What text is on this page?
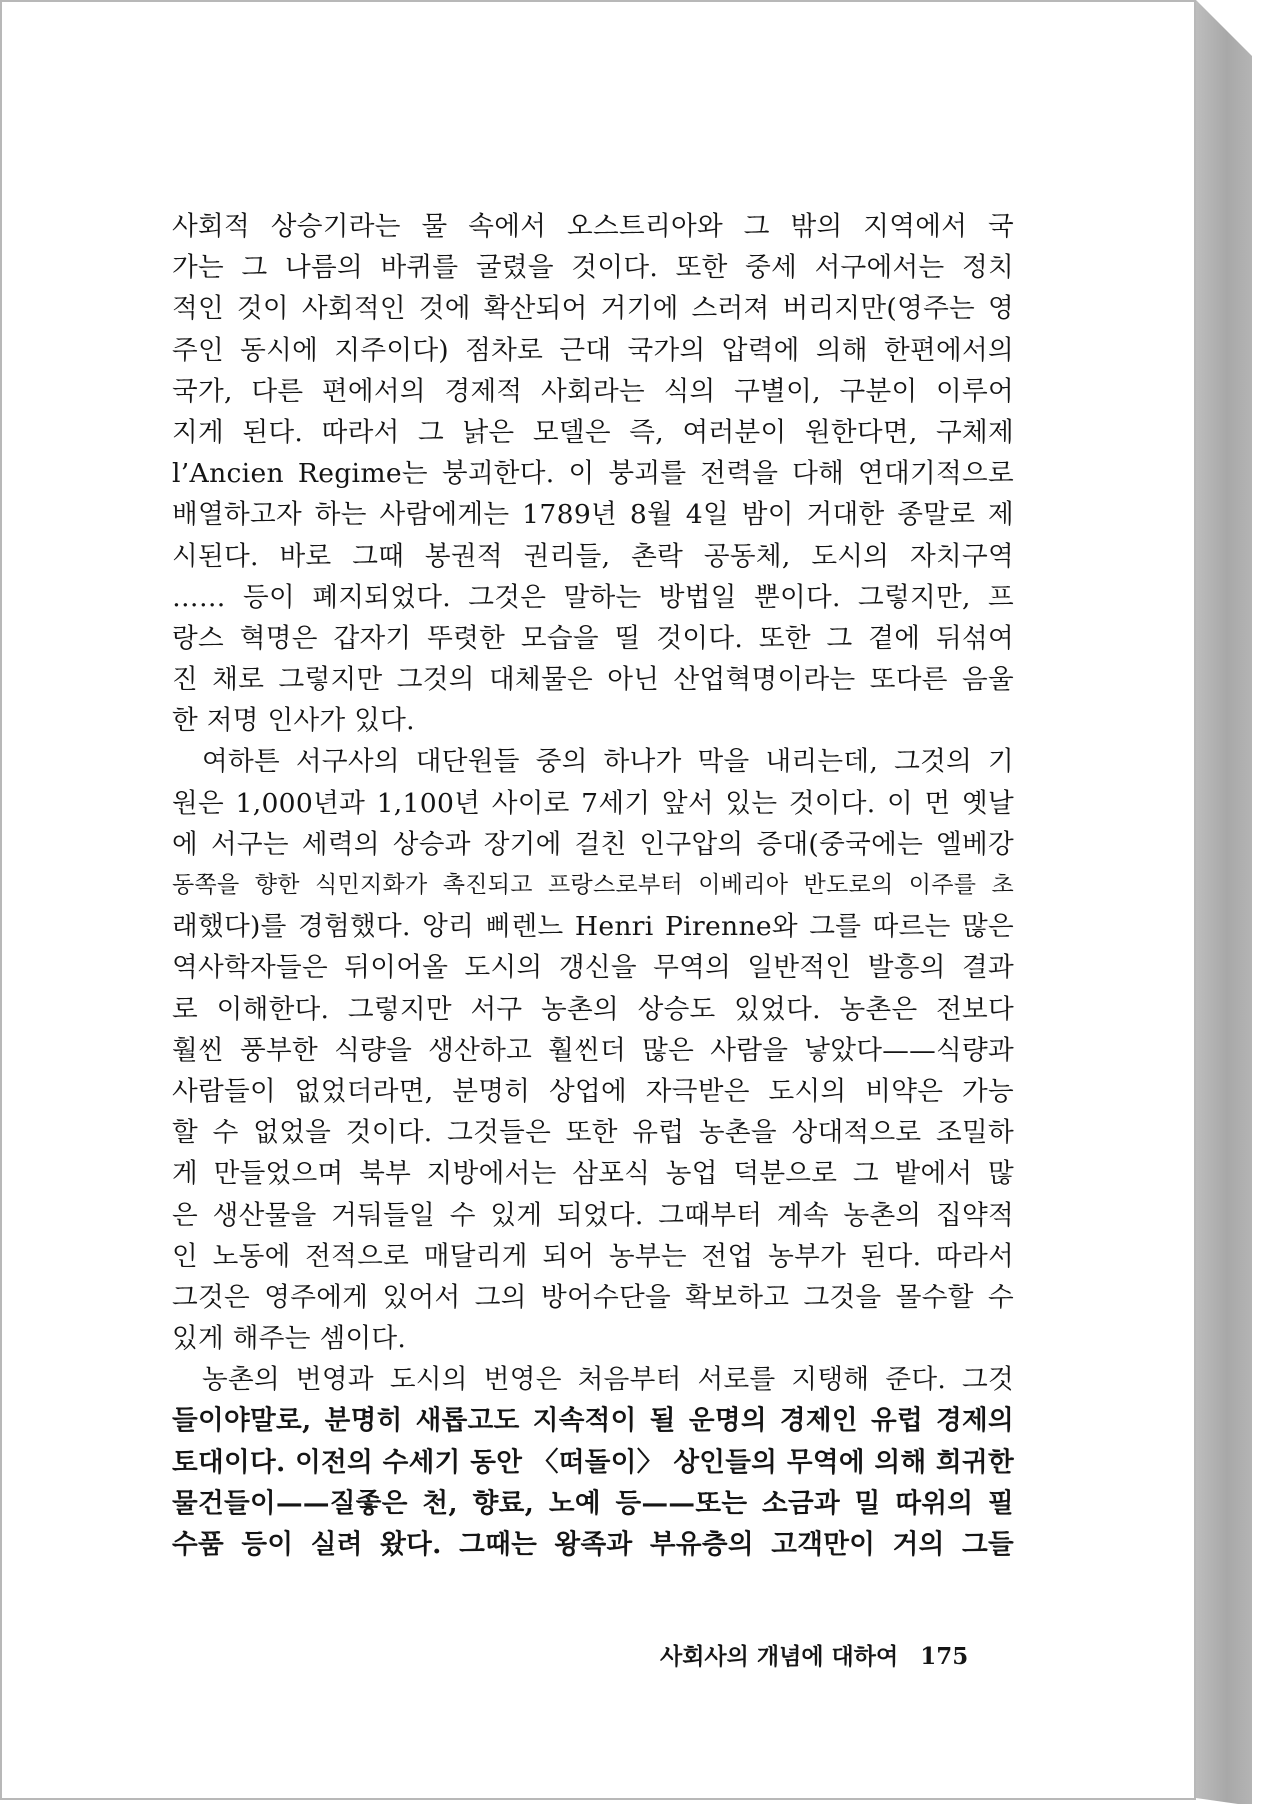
사회적 상승기라는 물 속에서 오스트리아와 그 밖의 지역에서 국
가는 그 나름의 바퀴를 굴렸을 것이다. 또한 중세 서구에서는 정치
적인 것이 사회적인 것에 확산되어 거기에 스러져 버리지만(영주는 영
주인 동시에 지주이다) 점차로 근대 국가의 압력에 의해 한편에서의
국가, 다른 편에서의 경제적 사회라는 식의 구별이, 구분이 이루어
지게 된다. 따라서 그 낡은 모델은 즉, 여러분이 원한다면, 구체제
l’Ancien Regime는 붕괴한다. 이 붕괴를 전력을 다해 연대기적으로
배열하고자 하는 사람에게는 1789년 8월 4일 밤이 거대한 종말로 제
시된다. 바로 그때 봉권적 권리들, 촌락 공동체, 도시의 자치구역
…… 등이 폐지되었다. 그것은 말하는 방법일 뿐이다. 그렇지만, 프
랑스 혁명은 갑자기 뚜렷한 모습을 띨 것이다. 또한 그 곁에 뒤섞여
진 채로 그렇지만 그것의 대체물은 아닌 산업혁명이라는 또다른 음울
한 저명 인사가 있다.
여하튼 서구사의 대단원들 중의 하나가 막을 내리는데, 그것의 기
원은 1,000년과 1,100년 사이로 7세기 앞서 있는 것이다. 이 먼 옛날
에 서구는 세력의 상승과 장기에 걸친 인구압의 증대(중국에는 엘베강
동쪽을 향한 식민지화가 촉진되고 프랑스로부터 이베리아 반도로의 이주를 초
래했다)를 경험했다. 앙리 삐렌느 Henri Pirenne와 그를 따르는 많은
역사학자들은 뒤이어올 도시의 갱신을 무역의 일반적인 발흥의 결과
로 이해한다. 그렇지만 서구 농촌의 상승도 있었다. 농촌은 전보다
훨씬 풍부한 식량을 생산하고 훨씬더 많은 사람을 낳았다——식량과
사람들이 없었더라면, 분명히 상업에 자극받은 도시의 비약은 가능
할 수 없었을 것이다. 그것들은 또한 유럽 농촌을 상대적으로 조밀하
게 만들었으며 북부 지방에서는 삼포식 농업 덕분으로 그 밭에서 많
은 생산물을 거둬들일 수 있게 되었다. 그때부터 계속 농촌의 집약적
인 노동에 전적으로 매달리게 되어 농부는 전업 농부가 된다. 따라서
그것은 영주에게 있어서 그의 방어수단을 확보하고 그것을 몰수할 수
있게 해주는 셈이다.
농촌의 번영과 도시의 번영은 처음부터 서로를 지탱해 준다. 그것
들이야말로, 분명히 새롭고도 지속적이 될 운명의 경제인 유럽 경제의
토대이다. 이전의 수세기 동안 〈떠돌이〉 상인들의 무역에 의해 희귀한
물건들이——질좋은 천, 향료, 노예 등——또는 소금과 밀 따위의 필
수품 등이 실려 왔다. 그때는 왕족과 부유층의 고객만이 거의 그들
사회사의 개념에 대하여 175
